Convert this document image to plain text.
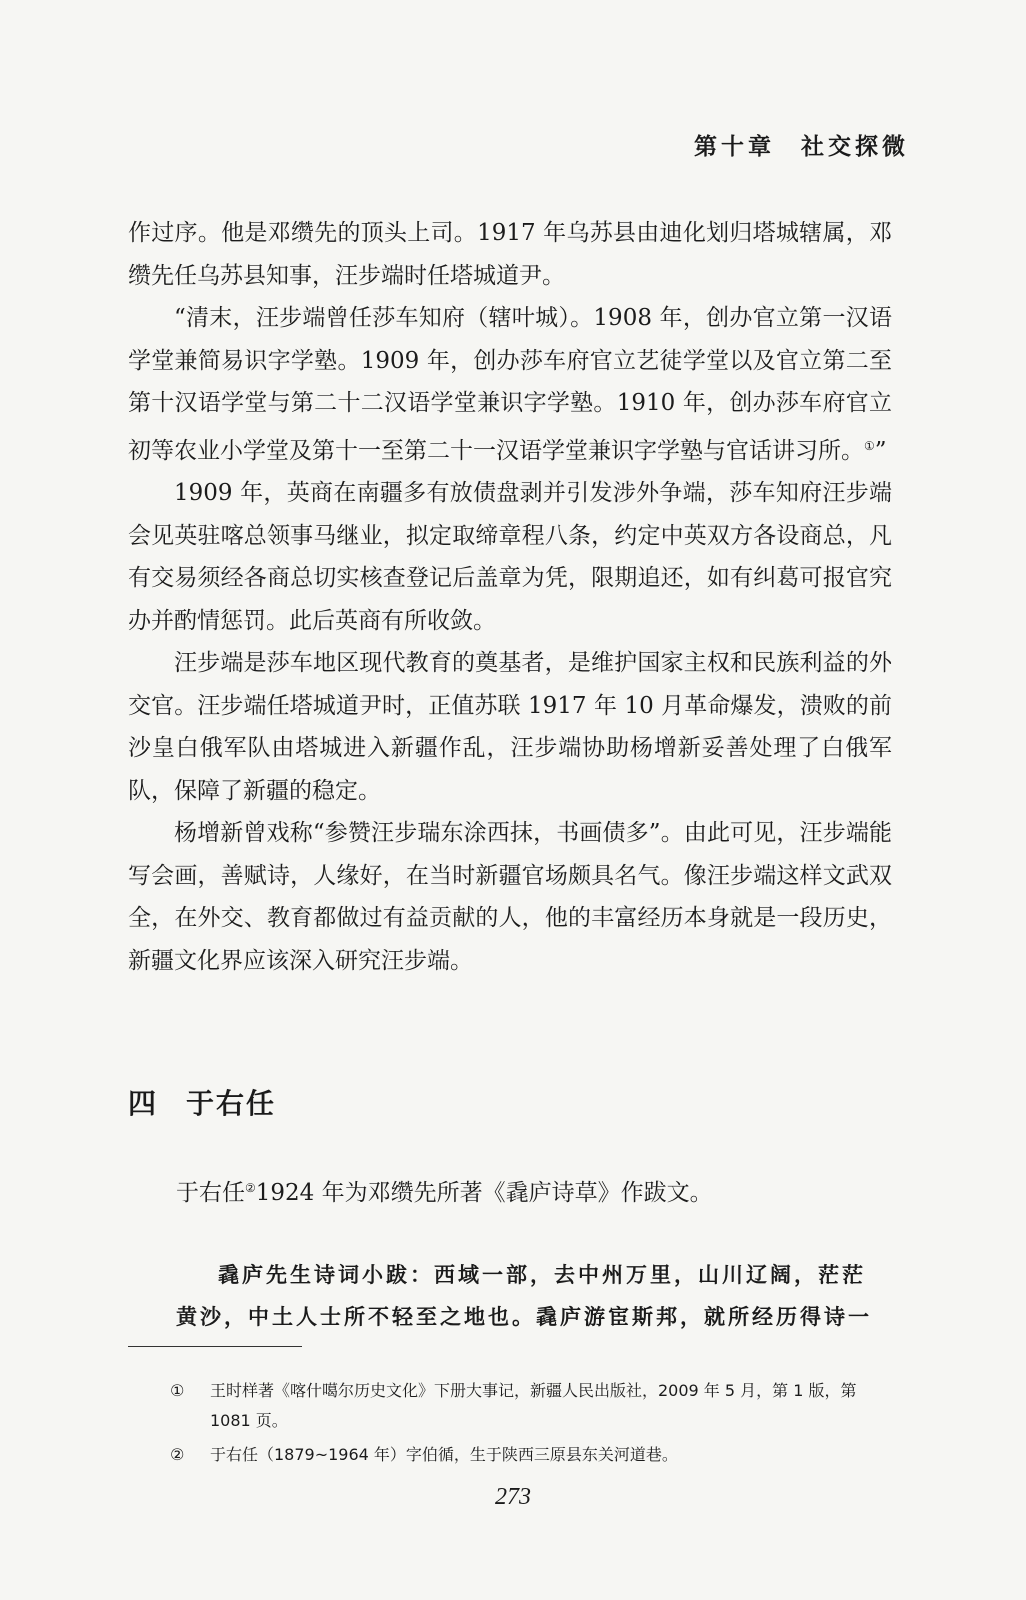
第十章 社交探微

作过序。他是邓缵先的顶头上司。1917 年乌苏县由迪化划归塔城辖属，邓缵先任乌苏县知事，汪步端时任塔城道尹。

“清末，汪步端曾任莎车知府（辖叶城）。1908 年，创办官立第一汉语学堂兼简易识字学塾。1909 年，创办莎车府官立艺徒学堂以及官立第二至第十汉语学堂与第二十二汉语学堂兼识字学塾。1910 年，创办莎车府官立初等农业小学堂及第十一至第二十一汉语学堂兼识字学塾与官话讲习所。①”

1909 年，英商在南疆多有放债盘剥并引发涉外争端，莎车知府汪步端会见英驻喀总领事马继业，拟定取缔章程八条，约定中英双方各设商总，凡有交易须经各商总切实核查登记后盖章为凭，限期追还，如有纠葛可报官究办并酌情惩罚。此后英商有所收敛。

汪步端是莎车地区现代教育的奠基者，是维护国家主权和民族利益的外交官。汪步端任塔城道尹时，正值苏联 1917 年 10 月革命爆发，溃败的前沙皇白俄军队由塔城进入新疆作乱，汪步端协助杨增新妥善处理了白俄军队，保障了新疆的稳定。

杨增新曾戏称“参赞汪步瑞东涂西抹，书画债多”。由此可见，汪步端能写会画，善赋诗，人缘好，在当时新疆官场颇具名气。像汪步端这样文武双全，在外交、教育都做过有益贡献的人，他的丰富经历本身就是一段历史，新疆文化界应该深入研究汪步端。

四 于右任
于右任②1924 年为邓缵先所著《毳庐诗草》作跋文。
毳庐先生诗词小跋：西域一部，去中州万里，山川辽阔，茫茫
黄沙，中土人士所不轻至之地也。毳庐游宦斯邦，就所经历得诗一
① 王时样著《喀什噶尔历史文化》下册大事记，新疆人民出版社，2009 年 5 月，第 1 版，第 1081 页。
② 于右任（1879~1964 年）字伯循，生于陕西三原县东关河道巷。
273
